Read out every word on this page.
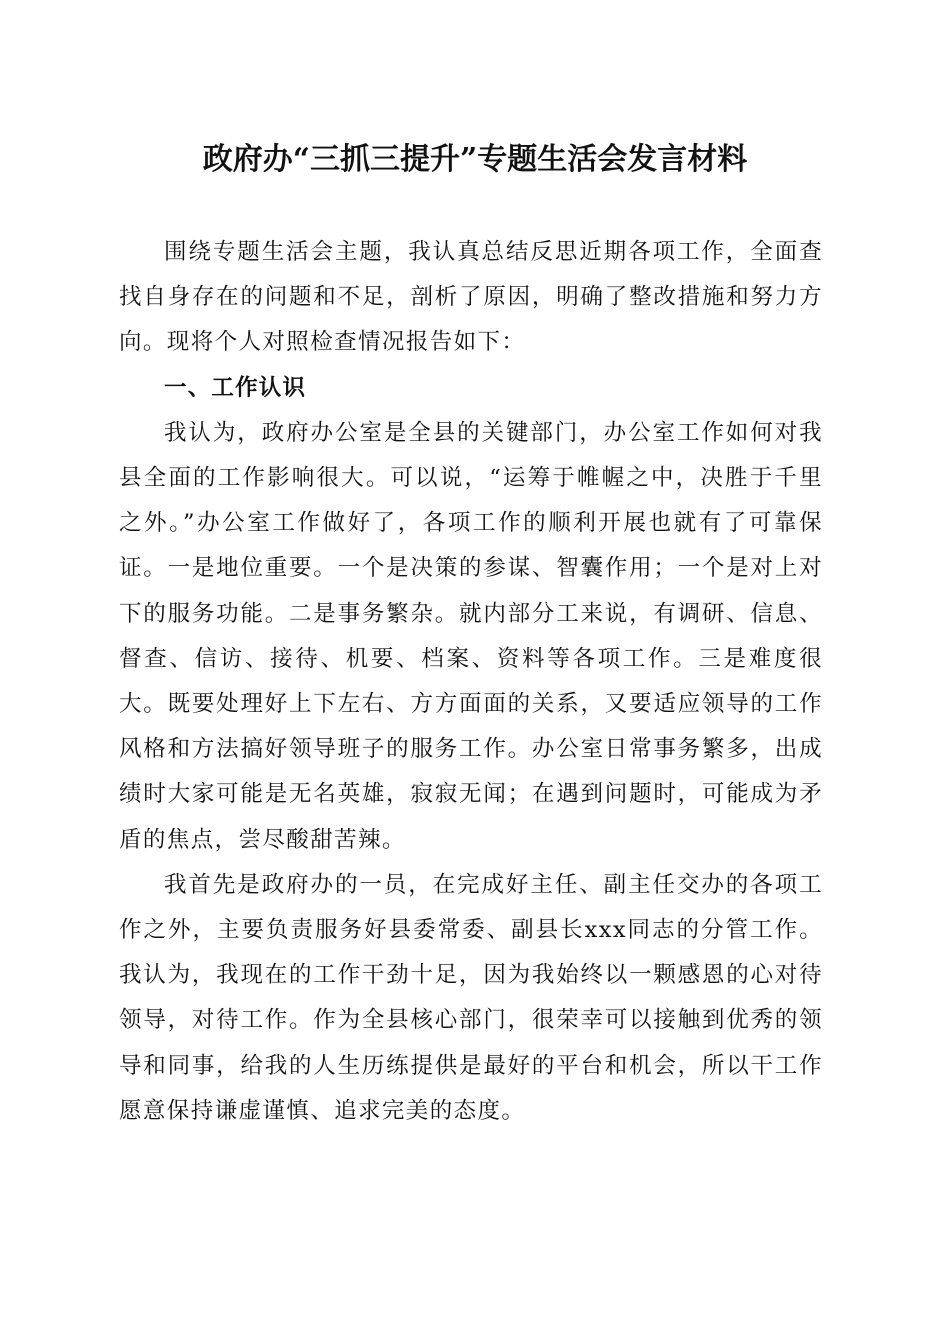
政府办“三抓三提升”专题生活会发言材料

围绕专题生活会主题，我认真总结反思近期各项工作，全面查找自身存在的问题和不足，剖析了原因，明确了整改措施和努力方向。现将个人对照检查情况报告如下：

一、工作认识

我认为，政府办公室是全县的关键部门，办公室工作如何对我县全面的工作影响很大。可以说，“运筹于帷幄之中，决胜于千里之外。”办公室工作做好了，各项工作的顺利开展也就有了可靠保证。一是地位重要。一个是决策的参谋、智囊作用；一个是对上对下的服务功能。二是事务繁杂。就内部分工来说，有调研、信息、督查、信访、接待、机要、档案、资料等各项工作。三是难度很大。既要处理好上下左右、方方面面的关系，又要适应领导的工作风格和方法搞好领导班子的服务工作。办公室日常事务繁多，出成绩时大家可能是无名英雄，寂寂无闻；在遇到问题时，可能成为矛盾的焦点，尝尽酸甜苦辣。

我首先是政府办的一员，在完成好主任、副主任交办的各项工作之外，主要负责服务好县委常委、副县长xxx同志的分管工作。我认为，我现在的工作干劲十足，因为我始终以一颗感恩的心对待领导，对待工作。作为全县核心部门，很荣幸可以接触到优秀的领导和同事，给我的人生历练提供是最好的平台和机会，所以干工作愿意保持谦虚谨慎、追求完美的态度。
